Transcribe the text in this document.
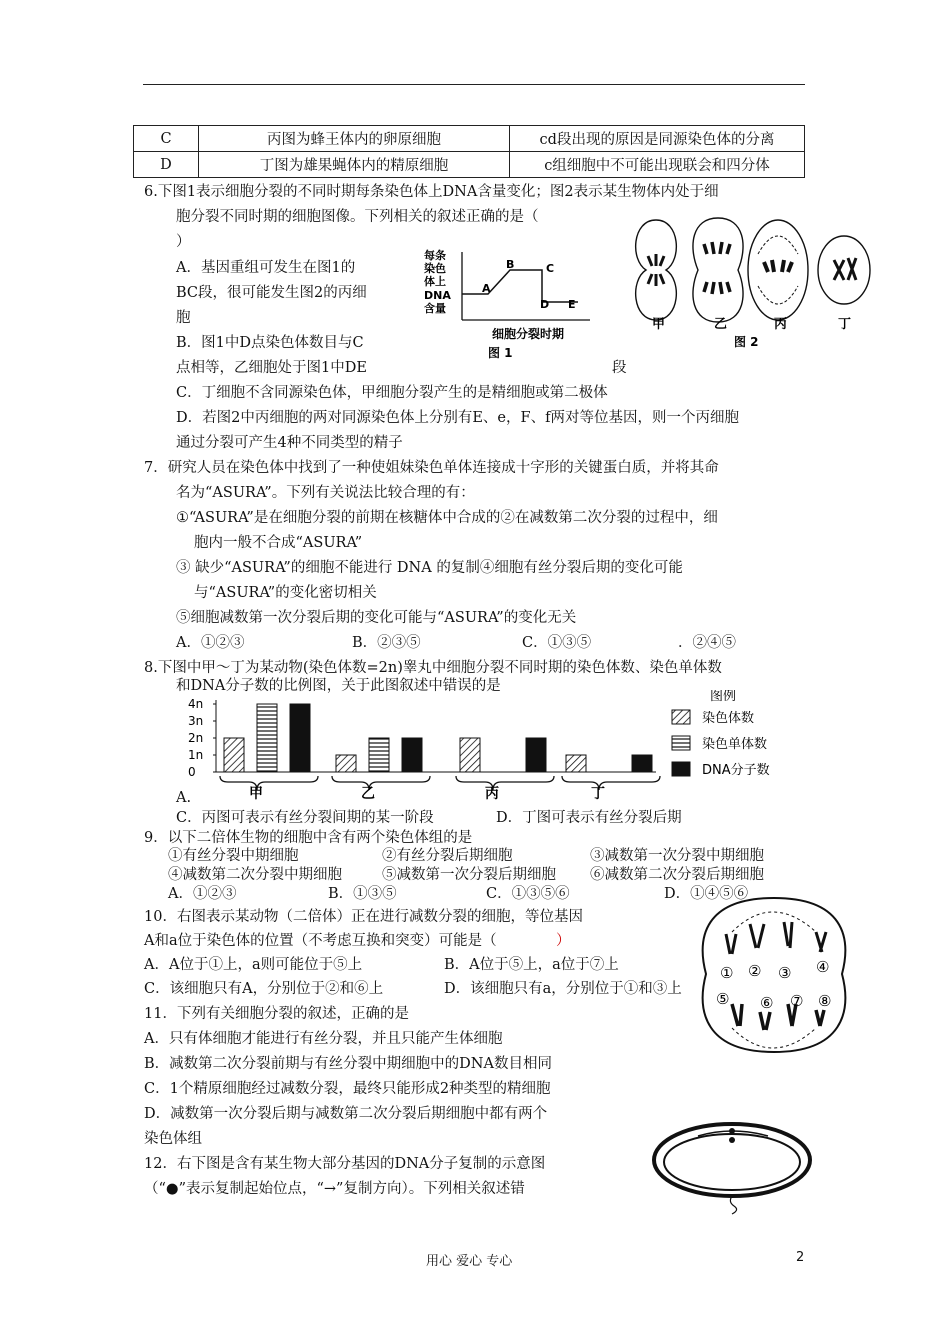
C	丙图为蜂王体内的卵原细胞	cd段出现的原因是同源染色体的分离
D	丁图为雄果蝇体内的精原细胞	c组细胞中不可能出现联会和四分体
6.下图1表示细胞分裂的不同时期每条染色体上DNA含量变化；图2表示某生物体内处于细
胞分裂不同时期的细胞图像。下列相关的叙述正确的是（
）
A．基因重组可发生在图1的
BC段，很可能发生图2的丙细
胞
B．图1中D点染色体数目与C
点相等，乙细胞处于图1中DE	段
C．丁细胞不含同源染色体，甲细胞分裂产生的是精细胞或第二极体
D．若图2中丙细胞的两对同源染色体上分别有E、e，F、f两对等位基因，则一个丙细胞
通过分裂可产生4种不同类型的精子
每条
染色
体上
DNA
含量
A
B	C
D E
细胞分裂时期
图 1
甲	乙	丙	丁
图 2
7．研究人员在染色体中找到了一种使姐妹染色单体连接成十字形的关键蛋白质，并将其命
名为“ASURA”。下列有关说法比较合理的有：
①“ASURA”是在细胞分裂的前期在核糖体中合成的②在减数第二次分裂的过程中，细
胞内一般不合成“ASURA”
③ 缺少“ASURA”的细胞不能进行 DNA 的复制④细胞有丝分裂后期的变化可能
与“ASURA”的变化密切相关
⑤细胞减数第一次分裂后期的变化可能与“ASURA”的变化无关
A．①②③	B．②③⑤	C．①③⑤	．②④⑤
8.下图中甲～丁为某动物(染色体数=2n)睾丸中细胞分裂不同时期的染色体数、染色单体数
和DNA分子数的比例图，关于此图叙述中错误的是
4n
3n
2n
1n
0
甲	乙	丙	丁
图例
染色体数
染色单体数
DNA分子数
A.
C．丙图可表示有丝分裂间期的某一阶段	D．丁图可表示有丝分裂后期
9．以下二倍体生物的细胞中含有两个染色体组的是
①有丝分裂中期细胞	②有丝分裂后期细胞	③减数第一次分裂中期细胞
④减数第二次分裂中期细胞	⑤减数第一次分裂后期细胞 ⑥减数第二次分裂后期细胞
A．①②③	B．①③⑤	C．①③⑤⑥	D．①④⑤⑥
10．右图表示某动物（二倍体）正在进行减数分裂的细胞，等位基因
A和a位于染色体的位置（不考虑互换和突变）可能是（	）
A．A位于①上，a则可能位于⑤上	B．A位于⑤上，a位于⑦上
C．该细胞只有A，分别位于②和⑥上	D．该细胞只有a，分别位于①和③上
① ② ③ ④
⑤ ⑥ ⑦ ⑧
11．下列有关细胞分裂的叙述，正确的是
A．只有体细胞才能进行有丝分裂，并且只能产生体细胞
B．减数第二次分裂前期与有丝分裂中期细胞中的DNA数目相同
C．1个精原细胞经过减数分裂，最终只能形成2种类型的精细胞
D．减数第一次分裂后期与减数第二次分裂后期细胞中都有两个
染色体组
12．右下图是含有某生物大部分基因的DNA分子复制的示意图
（“●”表示复制起始位点，“→”复制方向）。下列相关叙述错
用心 爱心 专心	2
